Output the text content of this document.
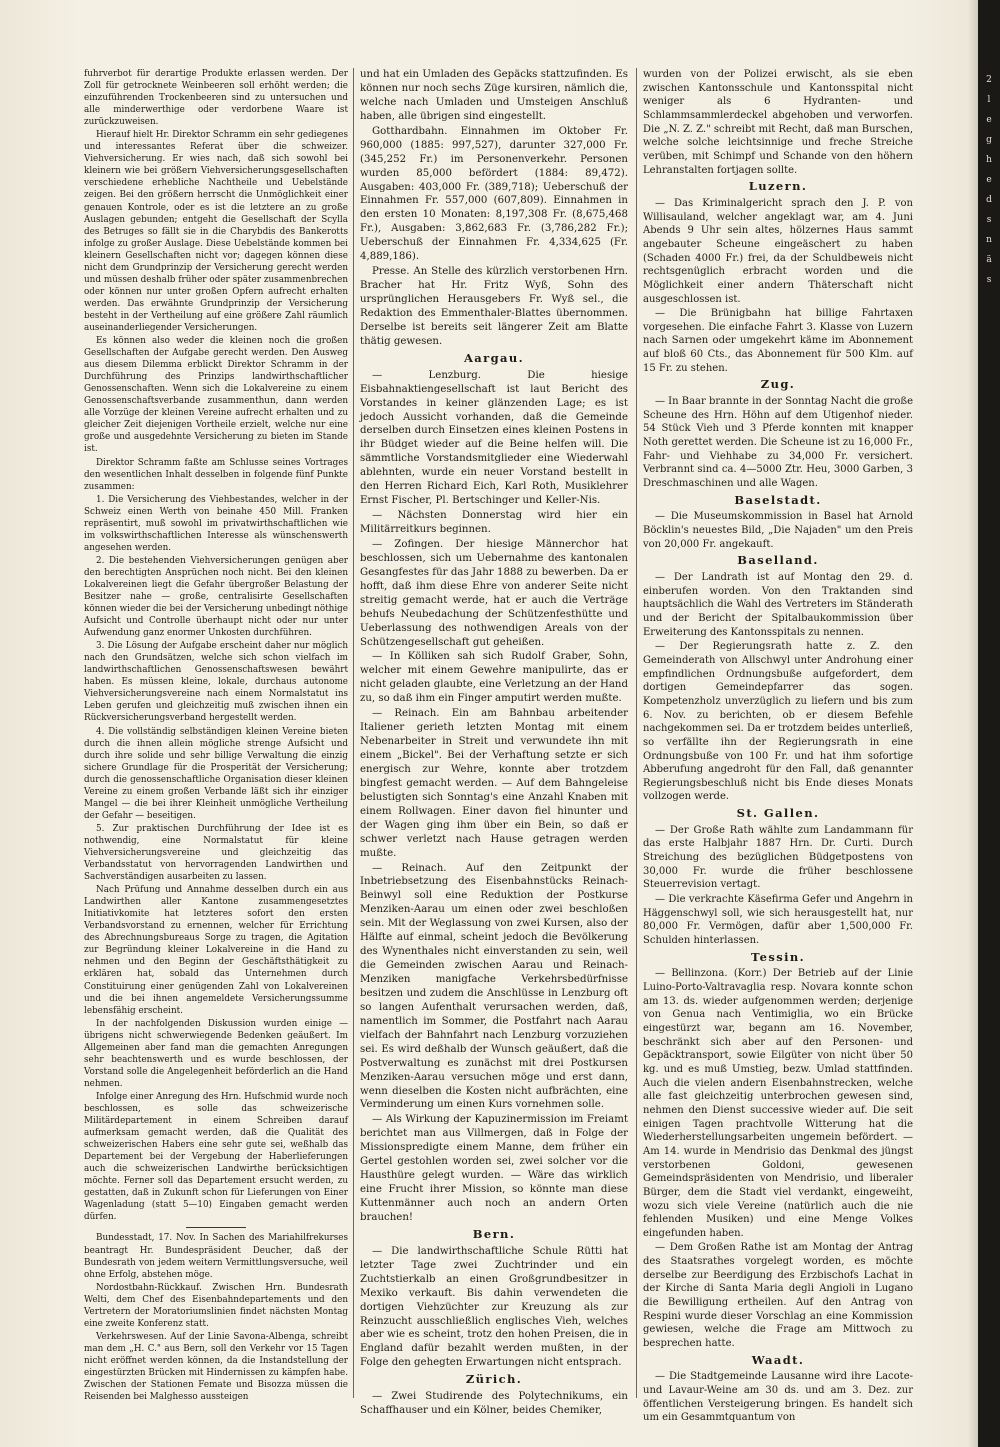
fuhrverbot für derartige Produkte erlassen werden. Der Zoll für getrocknete Weinbeeren soll erhöht werden; die einzuführenden Trockenbeeren sind zu untersuchen und alle minderwerthige oder verdorbene Waare ist zurückzuweisen.

Hierauf hielt Hr. Direktor Schramm ein sehr gediegenes und interessantes Referat über die schweizer. Viehversicherung. Er wies nach, daß sich sowohl bei kleinern wie bei größern Viehversicherungsgesellschaften verschiedene erhebliche Nachtheile und Uebelstände zeigen. Bei den größern herrscht die Unmöglichkeit einer genauen Kontrole, oder es ist die letztere an zu große Auslagen gebunden; entgeht die Gesellschaft der Scylla des Betruges so fällt sie in die Charybdis des Bankerotts infolge zu großer Auslage. Diese Uebelstände kommen bei kleinern Gesellschaften nicht vor; dagegen können diese nicht dem Grundprinzip der Versicherung gerecht werden und müssen deshalb früher oder später zusammenbrechen oder können nur unter großen Opfern aufrecht erhalten werden. Das erwähnte Grundprinzip der Versicherung besteht in der Vertheilung auf eine größere Zahl räumlich auseinanderliegender Versicherungen.

Es können also weder die kleinen noch die großen Gesellschaften der Aufgabe gerecht werden. Den Ausweg aus diesem Dilemma erblickt Direktor Schramm in der Durchführung des Prinzips landwirthschaftlicher Genossenschaften. Wenn sich die Lokalvereine zu einem Genossenschaftsverbande zusammenthun, dann werden alle Vorzüge der kleinen Vereine aufrecht erhalten und zu gleicher Zeit diejenigen Vortheile erzielt, welche nur eine große und ausgedehnte Versicherung zu bieten im Stande ist.

Direktor Schramm faßte am Schlusse seines Vortrages den wesentlichen Inhalt desselben in folgende fünf Punkte zusammen:

1. Die Versicherung des Viehbestandes, welcher in der Schweiz einen Werth von beinahe 450 Mill. Franken repräsentirt, muß sowohl im privatwirthschaftlichen wie im volkswirthschaftlichen Interesse als wünschenswerth angesehen werden.

2. Die bestehenden Viehversicherungen genügen aber den berechtigten Ansprüchen noch nicht. Bei den kleinen Lokalvereinen liegt die Gefahr übergroßer Belastung der Besitzer nahe — große, centralisirte Gesellschaften können wieder die bei der Versicherung unbedingt nöthige Aufsicht und Controlle überhaupt nicht oder nur unter Aufwendung ganz enormer Unkosten durchführen.

3. Die Lösung der Aufgabe erscheint daher nur möglich nach den Grundsätzen, welche sich schon vielfach im landwirthschaftlichen Genossenschaftswesen bewährt haben. Es müssen kleine, lokale, durchaus autonome Viehversicherungsvereine nach einem Normalstatut ins Leben gerufen und gleichzeitig muß zwischen ihnen ein Rückversicherungsverband hergestellt werden.

4. Die vollständig selbständigen kleinen Vereine bieten durch die ihnen allein mögliche strenge Aufsicht und durch ihre solide und sehr billige Verwaltung die einzig sichere Grundlage für die Prosperität der Versicherung; durch die genossenschaftliche Organisation dieser kleinen Vereine zu einem großen Verbande läßt sich ihr einziger Mangel — die bei ihrer Kleinheit unmögliche Vertheilung der Gefahr — beseitigen.

5. Zur praktischen Durchführung der Idee ist es nothwendig, eine Normalstatut für kleine Viehversicherungsvereine und gleichzeitig das Verbandsstatut von hervorragenden Landwirthen und Sachverständigen ausarbeiten zu lassen.

Nach Prüfung und Annahme desselben durch ein aus Landwirthen aller Kantone zusammengesetztes Initiativkomite hat letzteres sofort den ersten Verbandsvorstand zu ernennen, welcher für Errichtung des Abrechnungsbureaus Sorge zu tragen, die Agitation zur Begründung kleiner Lokalvereine in die Hand zu nehmen und den Beginn der Geschäftsthätigkeit zu erklären hat, sobald das Unternehmen durch Constituirung einer genügenden Zahl von Lokalvereinen und die bei ihnen angemeldete Versicherungssumme lebensfähig erscheint.

In der nachfolgenden Diskussion wurden einige — übrigens nicht schwerwiegende Bedenken geäußert. Im Allgemeinen aber fand man die gemachten Anregungen sehr beachtenswerth und es wurde beschlossen, der Vorstand solle die Angelegenheit beförderlich an die Hand nehmen.

Infolge einer Anregung des Hrn. Hufschmid wurde noch beschlossen, es solle das schweizerische Militärdepartement in einem Schreiben darauf aufmerksam gemacht werden, daß die Qualität des schweizerischen Habers eine sehr gute sei, weßhalb das Departement bei der Vergebung der Haberlieferungen auch die schweizerischen Landwirthe berücksichtigen möchte. Ferner soll das Departement ersucht werden, zu gestatten, daß in Zukunft schon für Lieferungen von Einer Wagenladung (statt 5—10) Eingaben gemacht werden dürfen.

Bundesstadt, 17. Nov. In Sachen des Mariahilfrekurses beantragt Hr. Bundespräsident Deucher, daß der Bundesrath von jedem weitern Vermittlungsversuche, weil ohne Erfolg, abstehen möge.

Nordostbahn-Rückkauf. Zwischen Hrn. Bundesrath Welti, dem Chef des Eisenbahndepartements und den Vertretern der Moratoriumslinien findet nächsten Montag eine zweite Konferenz statt.

Verkehrswesen. Auf der Linie Savona-Albenga, schreibt man dem „H. C." aus Bern, soll den Verkehr vor 15 Tagen nicht eröffnet werden können, da die Instandstellung der eingestürzten Brücken mit Hindernissen zu kämpfen habe. Zwischen der Stationen Femate und Bisozza müssen die Reisenden bei Malghesso aussteigen

und hat ein Umladen des Gepäcks stattzufinden. Es können nur noch sechs Züge kursiren, nämlich die, welche nach Umladen und Umsteigen Anschluß haben, alle übrigen sind eingestellt.

Gotthardbahn. Einnahmen im Oktober Fr. 960,000 (1885: 997,527), darunter 327,000 Fr. (345,252 Fr.) im Personenverkehr. Personen wurden 85,000 befördert (1884: 89,472). Ausgaben: 403,000 Fr. (389,718); Ueberschuß der Einnahmen Fr. 557,000 (607,809). Einnahmen in den ersten 10 Monaten: 8,197,308 Fr. (8,675,468 Fr.), Ausgaben: 3,862,683 Fr. (3,786,282 Fr.); Ueberschuß der Einnahmen Fr. 4,334,625 (Fr. 4,889,186).

Presse. An Stelle des kürzlich verstorbenen Hrn. Bracher hat Hr. Fritz Wyß, Sohn des ursprünglichen Herausgebers Fr. Wyß sel., die Redaktion des Emmenthaler-Blattes übernommen. Derselbe ist bereits seit längerer Zeit am Blatte thätig gewesen.

Aargau.

— Lenzburg. Die hiesige Eisbahnaktiengesellschaft ist laut Bericht des Vorstandes in keiner glänzenden Lage; es ist jedoch Aussicht vorhanden, daß die Gemeinde derselben durch Einsetzen eines kleinen Postens in ihr Büdget wieder auf die Beine helfen will. Die sämmtliche Vorstandsmitglieder eine Wiederwahl ablehnten, wurde ein neuer Vorstand bestellt in den Herren Richard Eich, Karl Roth, Musiklehrer Ernst Fischer, Pl. Bertschinger und Keller-Nis.

— Nächsten Donnerstag wird hier ein Militärreitkurs beginnen.

— Zofingen. Der hiesige Männerchor hat beschlossen, sich um Uebernahme des kantonalen Gesangfestes für das Jahr 1888 zu bewerben. Da er hofft, daß ihm diese Ehre von anderer Seite nicht streitig gemacht werde, hat er auch die Verträge behufs Neubedachung der Schützenfesthütte und Ueberlassung des nothwendigen Areals von der Schützengesellschaft gut geheißen.

— In Kölliken sah sich Rudolf Graber, Sohn, welcher mit einem Gewehre manipulirte, das er nicht geladen glaubte, eine Verletzung an der Hand zu, so daß ihm ein Finger amputirt werden mußte.

— Reinach. Ein am Bahnbau arbeitender Italiener gerieth letzten Montag mit einem Nebenarbeiter in Streit und verwundete ihn mit einem „Bickel". Bei der Verhaftung setzte er sich energisch zur Wehre, konnte aber trotzdem bingfest gemacht werden. — Auf dem Bahngeleise belustigten sich Sonntag's eine Anzahl Knaben mit einem Rollwagen. Einer davon fiel hinunter und der Wagen ging ihm über ein Bein, so daß er schwer verletzt nach Hause getragen werden mußte.

— Reinach. Auf den Zeitpunkt der Inbetriebsetzung des Eisenbahnstücks Reinach-Beinwyl soll eine Reduktion der Postkurse Menziken-Aarau um einen oder zwei beschloßen sein. Mit der Weglassung von zwei Kursen, also der Hälfte auf einmal, scheint jedoch die Bevölkerung des Wynenthales nicht einverstanden zu sein, weil die Gemeinden zwischen Aarau und Reinach-Menziken manigfache Verkehrsbedürfnisse besitzen und zudem die Anschlüsse in Lenzburg oft so langen Aufenthalt verursachen werden, daß, namentlich im Sommer, die Postfahrt nach Aarau vielfach der Bahnfahrt nach Lenzburg vorzuziehen sei. Es wird deßhalb der Wunsch geäußert, daß die Postverwaltung es zunächst mit drei Postkursen Menziken-Aarau versuchen möge und erst dann, wenn dieselben die Kosten nicht aufbrächten, eine Verminderung um einen Kurs vornehmen solle.

— Als Wirkung der Kapuzinermission im Freiamt berichtet man aus Villmergen, daß in Folge der Missionspredigte einem Manne, dem früher ein Gertel gestohlen worden sei, zwei solcher vor die Hausthüre gelegt wurden. — Wäre das wirklich eine Frucht ihrer Mission, so könnte man diese Kuttenmänner auch noch an andern Orten brauchen!

Bern.

— Die landwirthschaftliche Schule Rütti hat letzter Tage zwei Zuchtrinder und ein Zuchtstierkalb an einen Großgrundbesitzer in Mexiko verkauft. Bis dahin verwendeten die dortigen Viehzüchter zur Kreuzung als zur Reinzucht ausschließlich englisches Vieh, welches aber wie es scheint, trotz den hohen Preisen, die in England dafür bezahlt werden mußten, in der Folge den gehegten Erwartungen nicht entsprach.

Zürich.

— Zwei Studirende des Polytechnikums, ein Schaffhauser und ein Kölner, beides Chemiker,

wurden von der Polizei erwischt, als sie eben zwischen Kantonsschule und Kantonsspital nicht weniger als 6 Hydranten- und Schlammsammlerdeckel abgehoben und verworfen. Die „N. Z. Z." schreibt mit Recht, daß man Burschen, welche solche leichtsinnige und freche Streiche verüben, mit Schimpf und Schande von den höhern Lehranstalten fortjagen sollte.

Luzern.

— Das Kriminalgericht sprach den J. P. von Willisauland, welcher angeklagt war, am 4. Juni Abends 9 Uhr sein altes, hölzernes Haus sammt angebauter Scheune eingeäschert zu haben (Schaden 4000 Fr.) frei, da der Schuldbeweis nicht rechtsgenüglich erbracht worden und die Möglichkeit einer andern Thäterschaft nicht ausgeschlossen ist.

— Die Brünigbahn hat billige Fahrtaxen vorgesehen. Die einfache Fahrt 3. Klasse von Luzern nach Sarnen oder umgekehrt käme im Abonnement auf bloß 60 Cts., das Abonnement für 500 Klm. auf 15 Fr. zu stehen.

Zug.

— In Baar brannte in der Sonntag Nacht die große Scheune des Hrn. Höhn auf dem Utigenhof nieder. 54 Stück Vieh und 3 Pferde konnten mit knapper Noth gerettet werden. Die Scheune ist zu 16,000 Fr., Fahr- und Viehhabe zu 34,000 Fr. versichert. Verbrannt sind ca. 4—5000 Ztr. Heu, 3000 Garben, 3 Dreschmaschinen und alle Wagen.

Baselstadt.

— Die Museumskommission in Basel hat Arnold Böcklin's neuestes Bild, „Die Najaden" um den Preis von 20,000 Fr. angekauft.

Baselland.

— Der Landrath ist auf Montag den 29. d. einberufen worden. Von den Traktanden sind hauptsächlich die Wahl des Vertreters im Ständerath und der Bericht der Spitalbaukommission über Erweiterung des Kantonsspitals zu nennen.

— Der Regierungsrath hatte z. Z. den Gemeinderath von Allschwyl unter Androhung einer empfindlichen Ordnungsbuße aufgefordert, dem dortigen Gemeindepfarrer das sogen. Kompetenzholz unverzüglich zu liefern und bis zum 6. Nov. zu berichten, ob er diesem Befehle nachgekommen sei. Da er trotzdem beides unterließ, so verfällte ihn der Regierungsrath in eine Ordnungsbuße von 100 Fr. und hat ihm sofortige Abberufung angedroht für den Fall, daß genannter Regierungsbeschluß nicht bis Ende dieses Monats vollzogen werde.

St. Gallen.

— Der Große Rath wählte zum Landammann für das erste Halbjahr 1887 Hrn. Dr. Curti. Durch Streichung des bezüglichen Büdgetpostens von 30,000 Fr. wurde die früher beschlossene Steuerrevision vertagt.

— Die verkrachte Käsefirma Gefer und Angehrn in Häggenschwyl soll, wie sich herausgestellt hat, nur 80,000 Fr. Vermögen, dafür aber 1,500,000 Fr. Schulden hinterlassen.

Tessin.

— Bellinzona. (Korr.) Der Betrieb auf der Linie Luino-Porto-Valtravaglia resp. Novara konnte schon am 13. ds. wieder aufgenommen werden; derjenige von Genua nach Ventimiglia, wo ein Brücke eingestürzt war, begann am 16. November, beschränkt sich aber auf den Personen- und Gepäcktransport, sowie Eilgüter von nicht über 50 kg. und es muß Umstieg, bezw. Umlad stattfinden. Auch die vielen andern Eisenbahnstrecken, welche alle fast gleichzeitig unterbrochen gewesen sind, nehmen den Dienst successive wieder auf. Die seit einigen Tagen prachtvolle Witterung hat die Wiederherstellungsarbeiten ungemein befördert. — Am 14. wurde in Mendrisio das Denkmal des jüngst verstorbenen Goldoni, gewesenen Gemeindspräsidenten von Mendrisio, und liberaler Bürger, dem die Stadt viel verdankt, eingeweiht, wozu sich viele Vereine (natürlich auch die nie fehlenden Musiken) und eine Menge Volkes eingefunden haben.

— Dem Großen Rathe ist am Montag der Antrag des Staatsrathes vorgelegt worden, es möchte derselbe zur Beerdigung des Erzbischofs Lachat in der Kirche di Santa Maria degli Angioli in Lugano die Bewilligung ertheilen. Auf den Antrag von Respini wurde dieser Vorschlag an eine Kommission gewiesen, welche die Frage am Mittwoch zu besprechen hatte.

Waadt.

— Die Stadtgemeinde Lausanne wird ihre Lacote- und Lavaur-Weine am 30 ds. und am 3. Dez. zur öffentlichen Versteigerung bringen. Es handelt sich um ein Gesammtquantum von

2
l
e
g
h
e
d
s
n
ä
s
